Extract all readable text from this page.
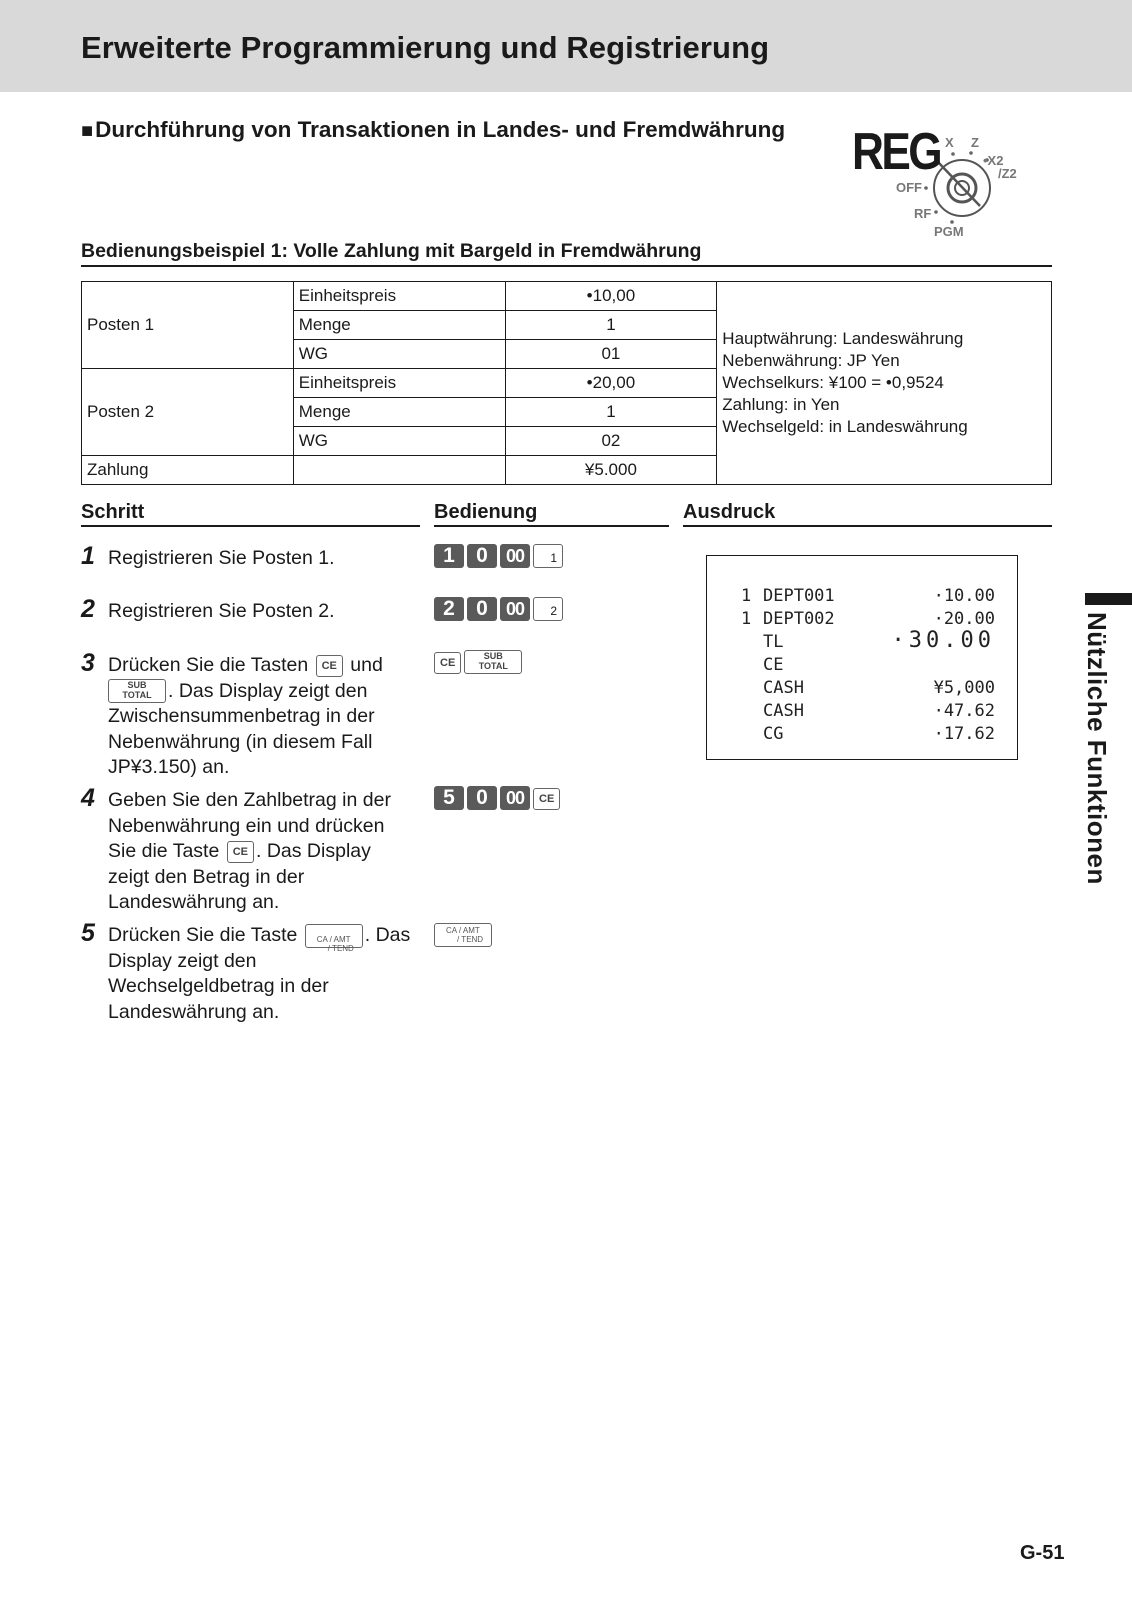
Erweiterte Programmierung und Registrierung
■Durchführung von Transaktionen in Landes- und Fremdwährung REG X Z
•X2
/Z2
OFF
RF
PGM
Bedienungsbeispiel 1: Volle Zahlung mit Bargeld in Fremdwährung
Posten 1	Einheitspreis	•10,00	Hauptwährung: Landeswährung
Nebenwährung: JP Yen
Wechselkurs: ¥100 = •0,9524
Zahlung: in Yen
Wechselgeld: in Landeswährung

	Menge	1	
	WG	01	
Posten 2	Einheitspreis	•20,00	
	Menge	1	
	WG	02	
Zahlung		¥5.000	
Schritt	Bedienung	Ausdruck
1 Registrieren Sie Posten 1.
2 Registrieren Sie Posten 2.
3 Drücken Sie die Tasten CE und
SUB
TOTAL . Das Display zeigt den Zwischensummenbetrag in der Nebenwährung (in diesem Fall JP¥3.150) an.
4 Geben Sie den Zahlbetrag in der Nebenwährung ein und drücken Sie die Taste CE . Das Display zeigt den Betrag in der Landeswährung an.
5 Drücken Sie die Taste CA / AMT
/ TEND
. Das Display zeigt den Wechselgeldbetrag in der Landeswährung an.
1	0	00	1
2	0	00	2
CE
SUB
TOTAL
5	0	00	CE
CA / AMT
/ TEND
1 DEPT001	·10.00
1 DEPT002	·20.00
TL	·30.00
CE
CASH	¥5,000
CASH	·47.62
CG	·17.62	Nützliche Funktionen
G-51
